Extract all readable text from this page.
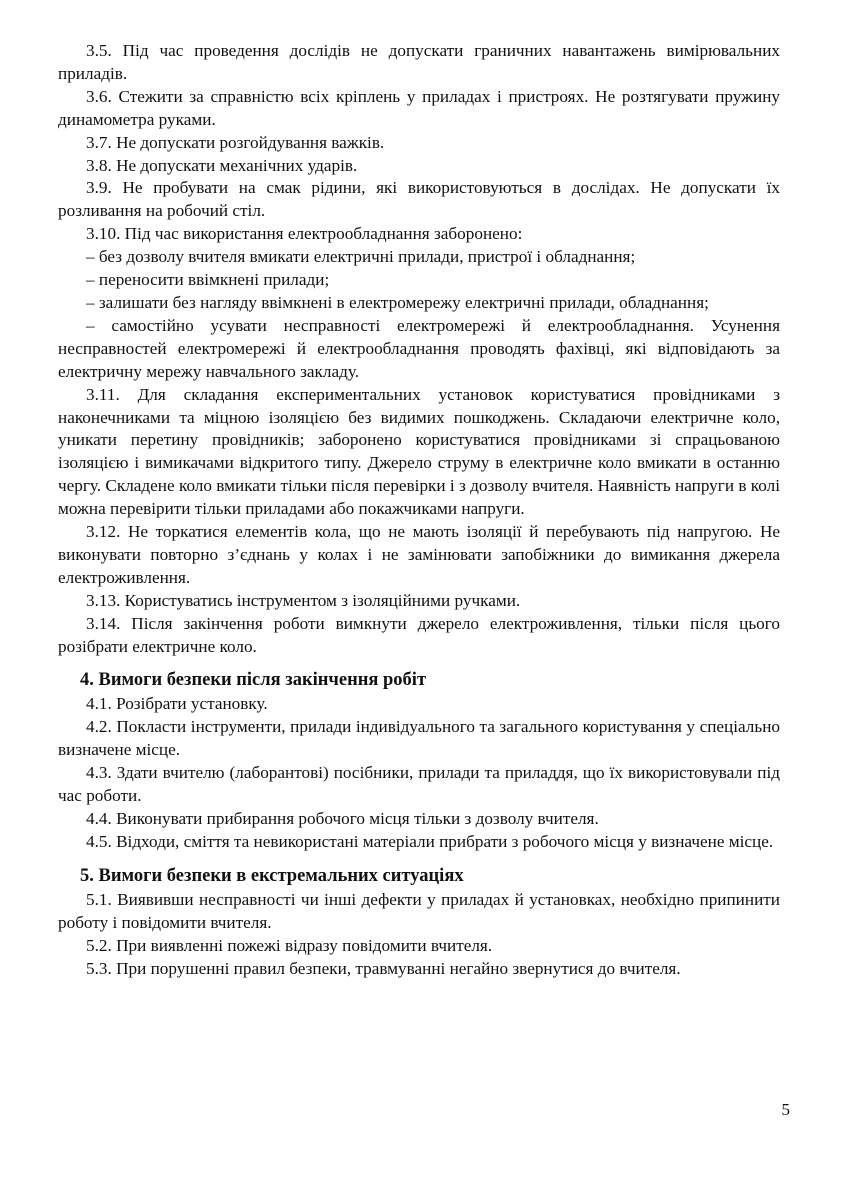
3.5. Під час проведення дослідів не допускати граничних навантажень вимірювальних приладів.

3.6. Стежити за справністю всіх кріплень у приладах і пристроях. Не розтягувати пружину динамометра руками.

3.7. Не допускати розгойдування важків.

3.8. Не допускати механічних ударів.

3.9. Не пробувати на смак рідини, які використовуються в дослідах. Не допускати їх розливання на робочий стіл.

3.10. Під час використання електрообладнання заборонено:

– без дозволу вчителя вмикати електричні прилади, пристрої і обладнання;

– переносити ввімкнені прилади;

– залишати без нагляду ввімкнені в електромережу електричні прилади, обладнання;

– самостійно усувати несправності електромережі й електрообладнання. Усунення несправностей електромережі й електрообладнання проводять фахівці, які відповідають за електричну мережу навчального закладу.

3.11. Для складання експериментальних установок користуватися провідниками з наконечниками та міцною ізоляцією без видимих пошкоджень. Складаючи електричне коло, уникати перетину провідників; заборонено користуватися провідниками зі спрацьованою ізоляцією і вимикачами відкритого типу. Джерело струму в електричне коло вмикати в останню чергу. Складене коло вмикати тільки після перевірки і з дозволу вчителя. Наявність напруги в колі можна перевірити тільки приладами або покажчиками напруги.

3.12. Не торкатися елементів кола, що не мають ізоляції й перебувають під напругою. Не виконувати повторно з’єднань у колах і не замінювати запобіжники до вимикання джерела електроживлення.

3.13. Користуватись інструментом з ізоляційними ручками.

3.14. Після закінчення роботи вимкнути джерело електроживлення, тільки після цього розібрати електричне коло.

4. Вимоги безпеки після закінчення робіт

4.1. Розібрати установку.

4.2. Покласти інструменти, прилади індивідуального та загального користування у спеціально визначене місце.

4.3. Здати вчителю (лаборантові) посібники, прилади та приладдя, що їх використовували під час роботи.

4.4. Виконувати прибирання робочого місця тільки з дозволу вчителя.

4.5. Відходи, сміття та невикористані матеріали прибрати з робочого місця у визначене місце.

5. Вимоги безпеки в екстремальних ситуаціях

5.1. Виявивши несправності чи інші дефекти у приладах й установках, необхідно припинити роботу і повідомити вчителя.

5.2. При виявленні пожежі відразу повідомити вчителя.

5.3. При порушенні правил безпеки, травмуванні негайно звернутися до вчителя.

5
